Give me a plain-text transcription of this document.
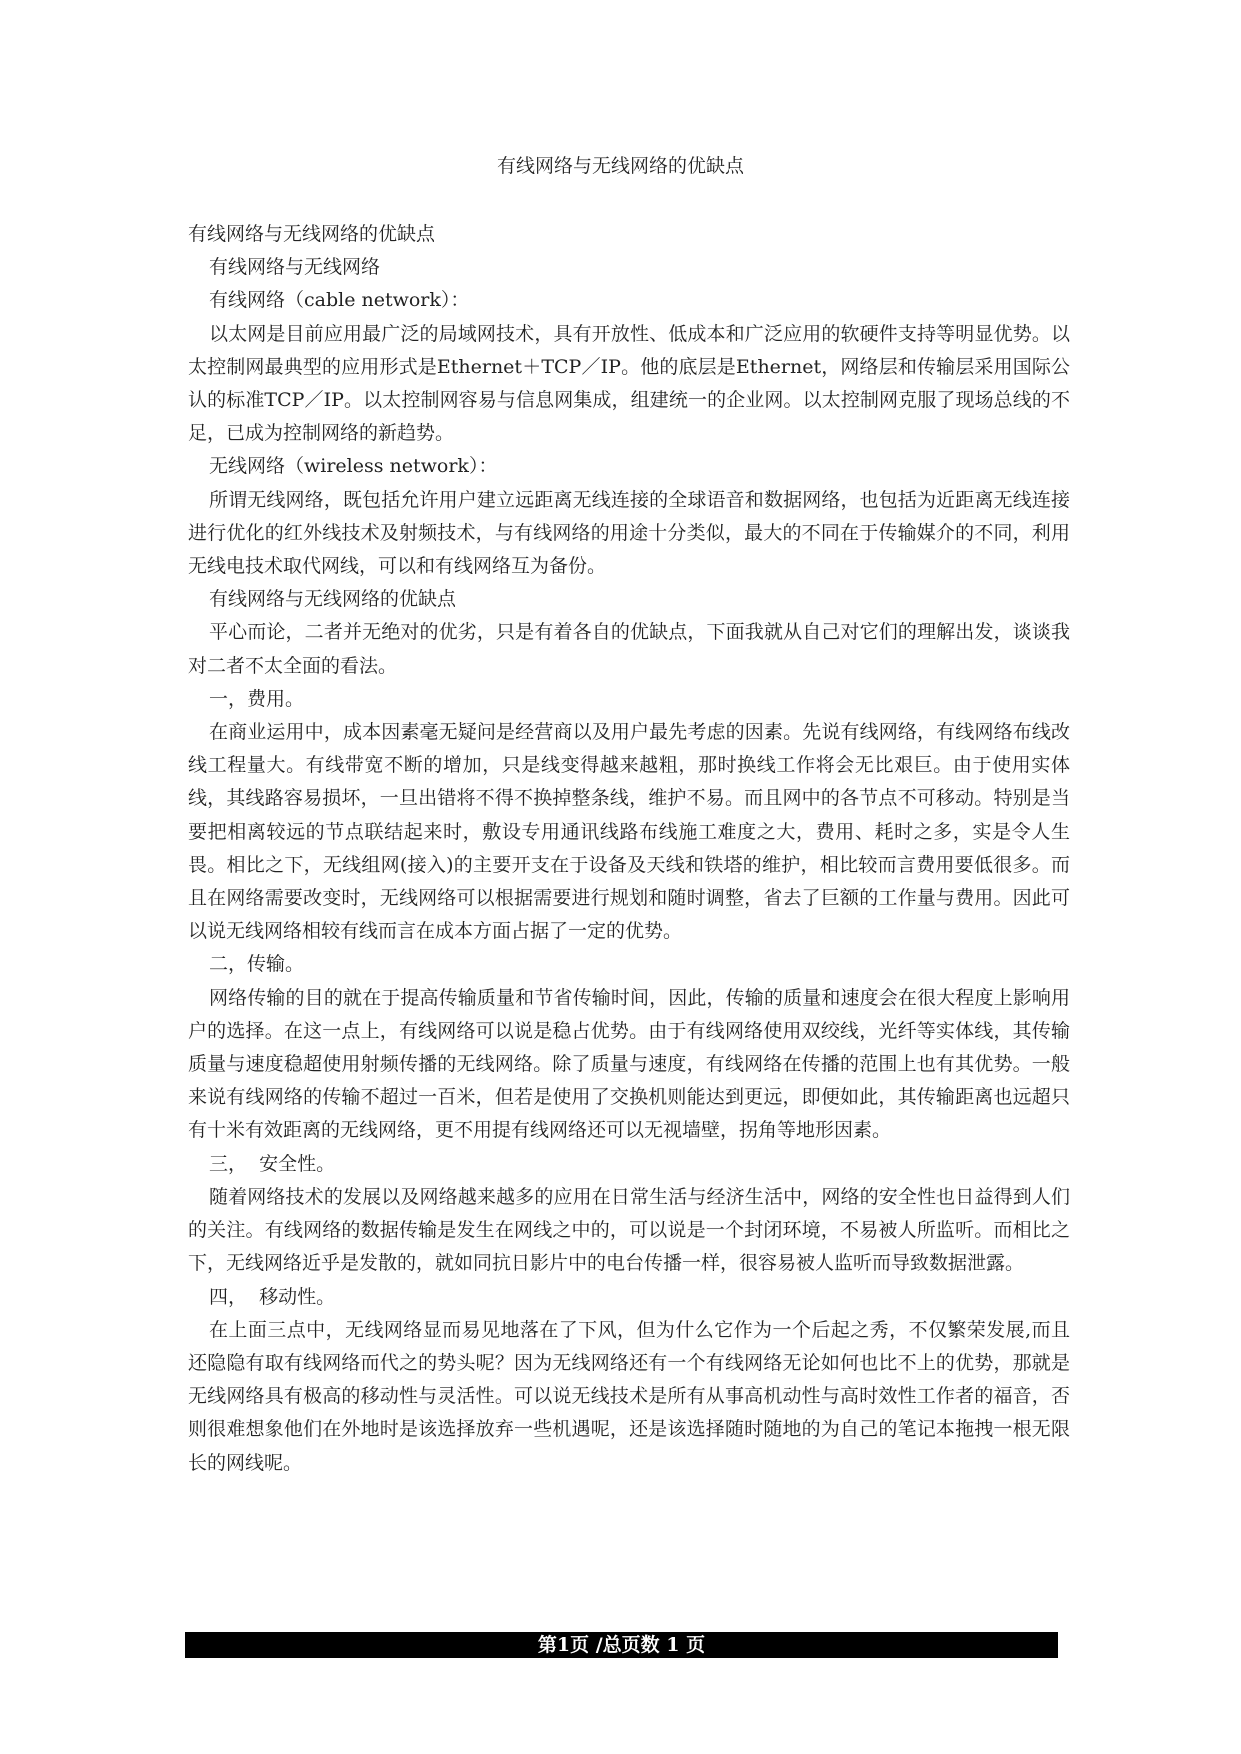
有线网络与无线网络的优缺点

有线网络与无线网络的优缺点

有线网络与无线网络

有线网络（cable network）：

以太网是目前应用最广泛的局域网技术，具有开放性、低成本和广泛应用的软硬件支持等明显优势。以太控制网最典型的应用形式是Ethernet＋TCP／IP。他的底层是Ethernet，网络层和传输层采用国际公认的标准TCP／IP。以太控制网容易与信息网集成，组建统一的企业网。以太控制网克服了现场总线的不足，已成为控制网络的新趋势。

无线网络（wireless network）：

所谓无线网络，既包括允许用户建立远距离无线连接的全球语音和数据网络，也包括为近距离无线连接进行优化的红外线技术及射频技术，与有线网络的用途十分类似，最大的不同在于传输媒介的不同，利用无线电技术取代网线，可以和有线网络互为备份。

有线网络与无线网络的优缺点

平心而论，二者并无绝对的优劣，只是有着各自的优缺点，下面我就从自己对它们的理解出发，谈谈我对二者不太全面的看法。

一，费用。

在商业运用中，成本因素毫无疑问是经营商以及用户最先考虑的因素。先说有线网络，有线网络布线改线工程量大。有线带宽不断的增加，只是线变得越来越粗，那时换线工作将会无比艰巨。由于使用实体线，其线路容易损坏，一旦出错将不得不换掉整条线，维护不易。而且网中的各节点不可移动。特别是当要把相离较远的节点联结起来时，敷设专用通讯线路布线施工难度之大，费用、耗时之多，实是令人生畏。相比之下，无线组网(接入)的主要开支在于设备及天线和铁塔的维护，相比较而言费用要低很多。而且在网络需要改变时，无线网络可以根据需要进行规划和随时调整，省去了巨额的工作量与费用。因此可以说无线网络相较有线而言在成本方面占据了一定的优势。

二，传输。

网络传输的目的就在于提高传输质量和节省传输时间，因此，传输的质量和速度会在很大程度上影响用户的选择。在这一点上，有线网络可以说是稳占优势。由于有线网络使用双绞线，光纤等实体线，其传输质量与速度稳超使用射频传播的无线网络。除了质量与速度，有线网络在传播的范围上也有其优势。一般来说有线网络的传输不超过一百米，但若是使用了交换机则能达到更远，即便如此，其传输距离也远超只有十米有效距离的无线网络，更不用提有线网络还可以无视墙壁，拐角等地形因素。

三，  安全性。

随着网络技术的发展以及网络越来越多的应用在日常生活与经济生活中，网络的安全性也日益得到人们的关注。有线网络的数据传输是发生在网线之中的，可以说是一个封闭环境，不易被人所监听。而相比之下，无线网络近乎是发散的，就如同抗日影片中的电台传播一样，很容易被人监听而导致数据泄露。

四，  移动性。

在上面三点中，无线网络显而易见地落在了下风，但为什么它作为一个后起之秀，不仅繁荣发展,而且还隐隐有取有线网络而代之的势头呢？因为无线网络还有一个有线网络无论如何也比不上的优势，那就是无线网络具有极高的移动性与灵活性。可以说无线技术是所有从事高机动性与高时效性工作者的福音，否则很难想象他们在外地时是该选择放弃一些机遇呢，还是该选择随时随地的为自己的笔记本拖拽一根无限长的网线呢。

第1页 /总页数 1 页
